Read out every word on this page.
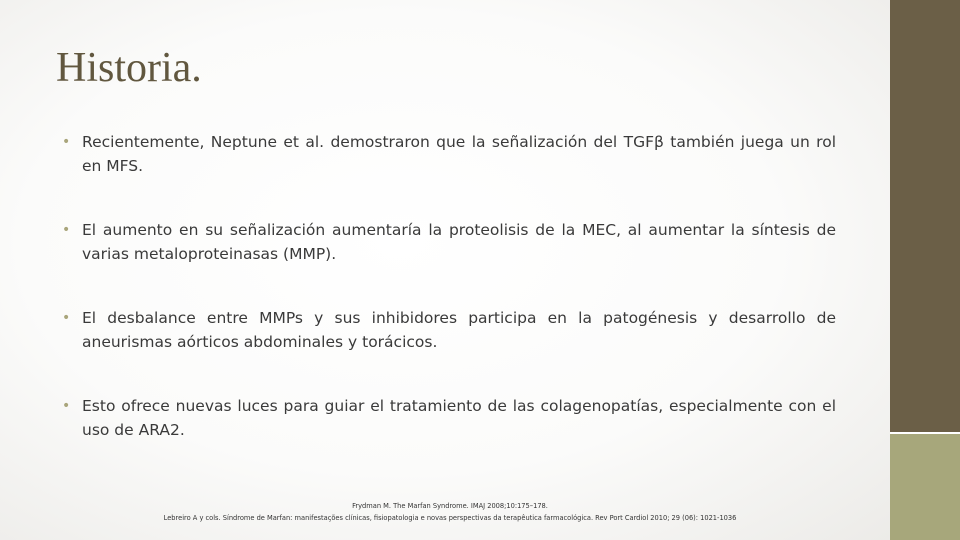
Historia.
• Recientemente, Neptune et al. demostraron que la señalización del TGFβ también juega un rol en MFS.
• El aumento en su señalización aumentaría la proteolisis de la MEC, al aumentar la síntesis de varias metaloproteinasas (MMP).
• El desbalance entre MMPs y sus inhibidores participa en la patogénesis y desarrollo de aneurismas aórticos abdominales y torácicos.
• Esto ofrece nuevas luces para guiar el tratamiento de las colagenopatías, especialmente con el uso de ARA2.
Frydman M. The Marfan Syndrome. IMAJ 2008;10:175–178.
Lebreiro A y cols. Síndrome de Marfan: manifestações clínicas, fisiopatologia e novas perspectivas da terapêutica farmacológica. Rev Port Cardiol 2010; 29 (06): 1021-1036
